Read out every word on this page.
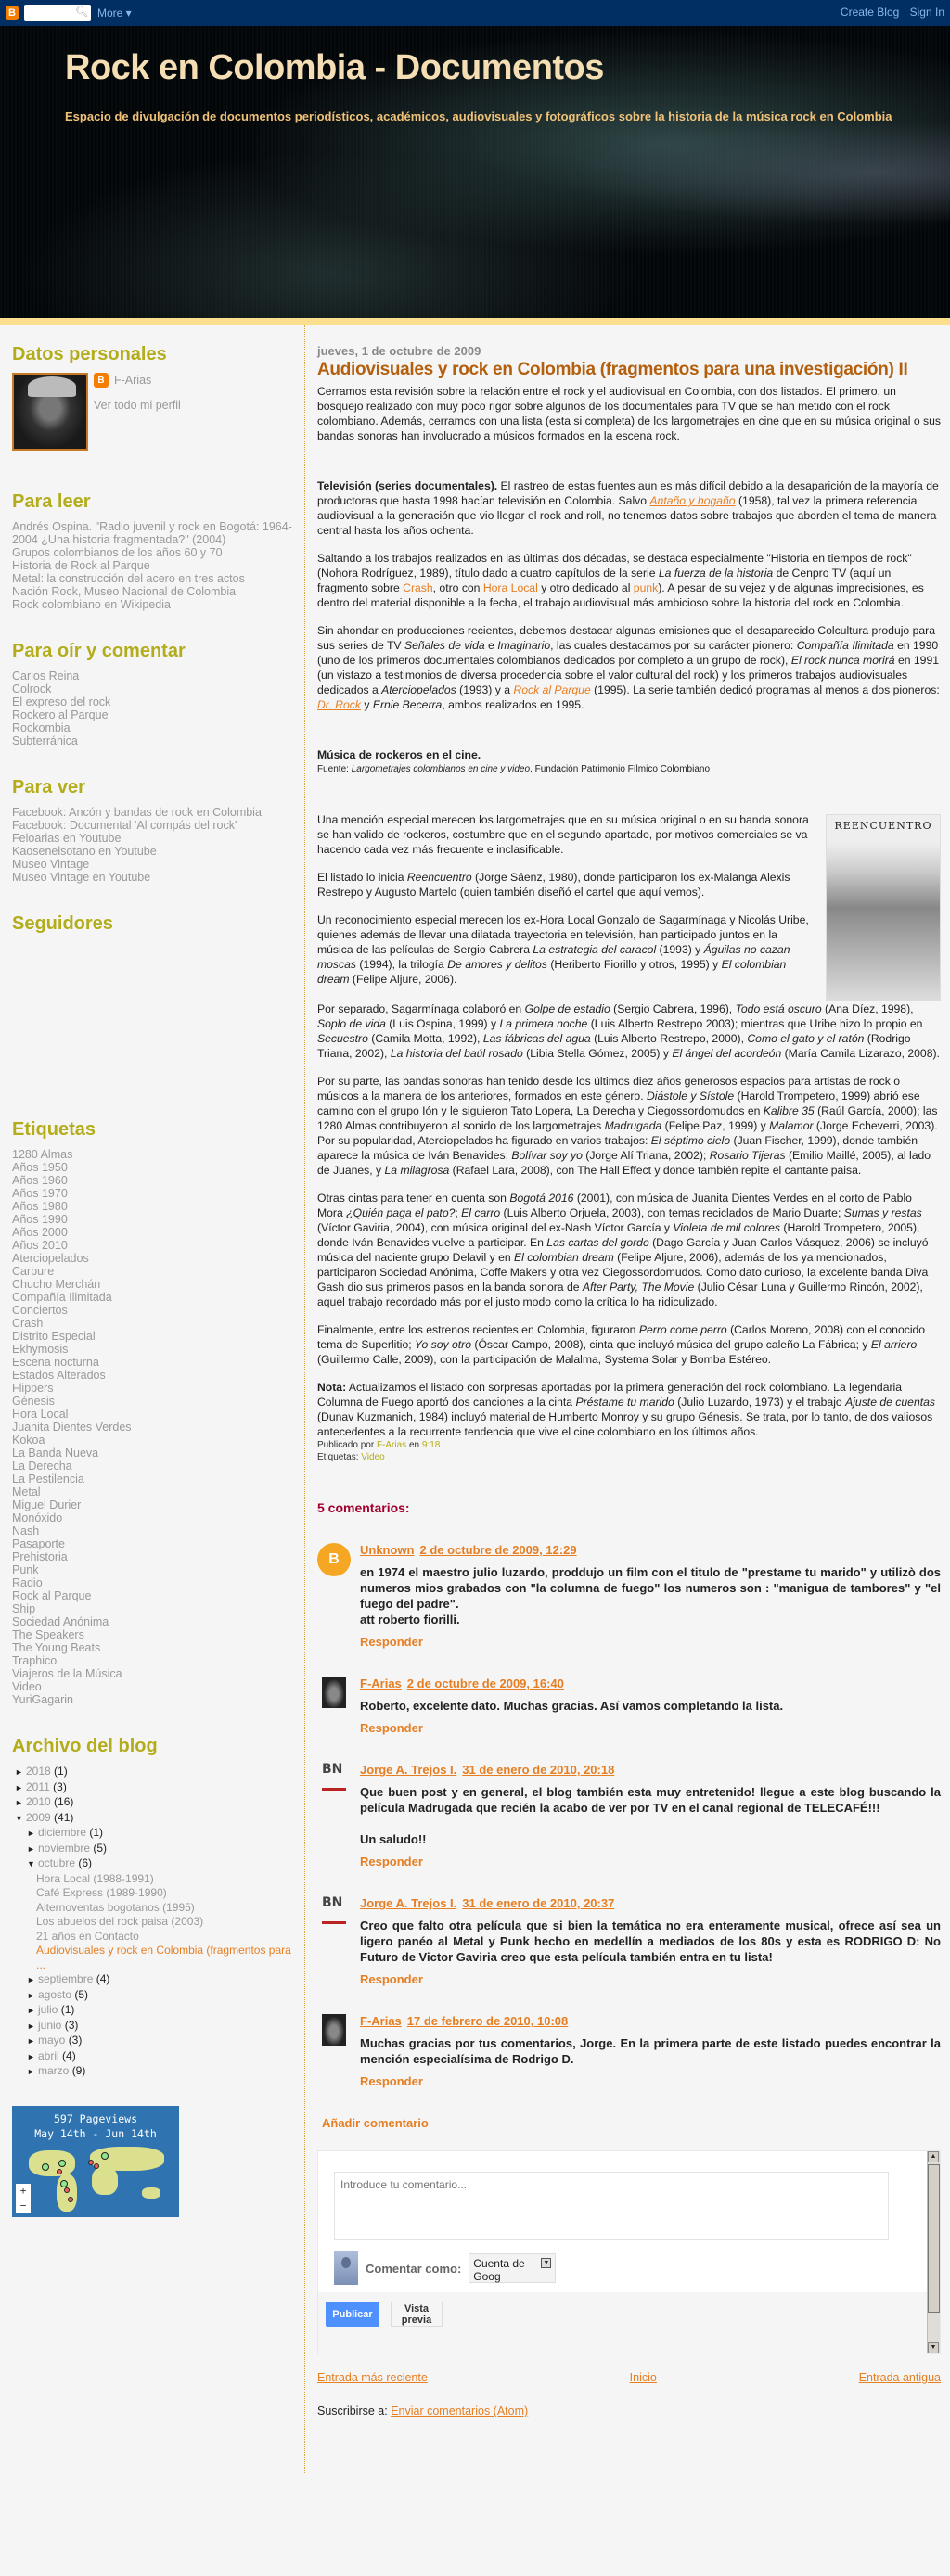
B	🔍︎ More ▾	Create Blog Sign In
Rock en Colombia - Documentos
Espacio de divulgación de documentos periodísticos, académicos, audiovisuales y fotográficos sobre la historia de la música rock en Colombia
Datos personales
B F-Arias
Ver todo mi perfil
Para leer
Andrés Ospina. "Radio juvenil y rock en Bogotá: 1964-2004 ¿Una historia fragmentada?" (2004)
Grupos colombianos de los años 60 y 70
Historia de Rock al Parque
Metal: la construcción del acero en tres actos
Nación Rock, Museo Nacional de Colombia
Rock colombiano en Wikipedia
Para oír y comentar
Carlos Reina
Colrock
El expreso del rock
Rockero al Parque
Rockombia
Subterránica
Para ver
Facebook: Ancón y bandas de rock en Colombia
Facebook: Documental 'Al compás del rock'
Feloarias en Youtube
Kaosenelsotano en Youtube
Museo Vintage
Museo Vintage en Youtube
Seguidores
Etiquetas
1280 Almas
Años 1950
Años 1960
Años 1970
Años 1980
Años 1990
Años 2000
Años 2010
Aterciopelados
Carbure
Chucho Merchán
Compañía Ilimitada
Conciertos
Crash
Distrito Especial
Ekhymosis
Escena nocturna
Estados Alterados
Flippers
Génesis
Hora Local
Juanita Dientes Verdes
Kokoa
La Banda Nueva
La Derecha
La Pestilencia
Metal
Miguel Durier
Monóxido
Nash
Pasaporte
Prehistoria
Punk
Radio
Rock al Parque
Ship
Sociedad Anónima
The Speakers
The Young Beats
Traphico
Viajeros de la Música
Video
YuriGagarin
Archivo del blog
► 2018 (1)
► 2011 (3)
► 2010 (16)
▼ 2009 (41)
► diciembre (1)
► noviembre (5)
▼ octubre (6)
Hora Local (1988-1991)
Café Express (1989-1990)
Alternoventas bogotanos (1995)
Los abuelos del rock paisa (2003)
21 años en Contacto
Audiovisuales y rock en Colombia (fragmentos para ...
► septiembre (4)
► agosto (5)
► julio (1)
► junio (3)
► mayo (3)
► abril (4)
► marzo (9)
597 Pageviews
May 14th - Jun 14th
+
−
jueves, 1 de octubre de 2009
Audiovisuales y rock en Colombia (fragmentos para una investigación) II

Cerramos esta revisión sobre la relación entre el rock y el audiovisual en Colombia, con dos listados. El primero, un bosquejo realizado con muy poco rigor sobre algunos de los documentales para TV que se han metido con el rock colombiano. Además, cerramos con una lista (esta si completa) de los largometrajes en cine que en su música original o sus bandas sonoras han involucrado a músicos formados en la escena rock.

Televisión (series documentales). El rastreo de estas fuentes aun es más difícil debido a la desaparición de la mayoría de productoras que hasta 1998 hacían televisión en Colombia. Salvo Antaño y hogaño (1958), tal vez la primera referencia audiovisual a la generación que vio llegar el rock and roll, no tenemos datos sobre trabajos que aborden el tema de manera central hasta los años ochenta.

Saltando a los trabajos realizados en las últimas dos décadas, se destaca especialmente "Historia en tiempos de rock" (Nohora Rodríguez, 1989), título dado a cuatro capítulos de la serie La fuerza de la historia de Cenpro TV (aquí un fragmento sobre Crash, otro con Hora Local y otro dedicado al punk). A pesar de su vejez y de algunas imprecisiones, es dentro del material disponible a la fecha, el trabajo audiovisual más ambicioso sobre la historia del rock en Colombia.

Sin ahondar en producciones recientes, debemos destacar algunas emisiones que el desaparecido Colcultura produjo para sus series de TV Señales de vida e Imaginario, las cuales destacamos por su carácter pionero: Compañía Ilimitada en 1990 (uno de los primeros documentales colombianos dedicados por completo a un grupo de rock), El rock nunca morirá en 1991 (un vistazo a testimonios de diversa procedencia sobre el valor cultural del rock) y los primeros trabajos audiovisuales dedicados a Aterciopelados (1993) y a Rock al Parque (1995). La serie también dedicó programas al menos a dos pioneros: Dr. Rock y Ernie Becerra, ambos realizados en 1995.

Música de rockeros en el cine.

Fuente: Largometrajes colombianos en cine y video, Fundación Patrimonio Fílmico Colombiano

Una mención especial merecen los largometrajes que en su música original o en su banda sonora se han valido de rockeros, costumbre que en el segundo apartado, por motivos comerciales se va hacendo cada vez más frecuente e inclasificable.

El listado lo inicia Reencuentro (Jorge Sáenz, 1980), donde participaron los ex-Malanga Alexis Restrepo y Augusto Martelo (quien también diseñó el cartel que aquí vemos).

Un reconocimiento especial merecen los ex-Hora Local Gonzalo de Sagarmínaga y Nicolás Uribe, quienes además de llevar una dilatada trayectoria en televisión, han participado juntos en la música de las películas de Sergio Cabrera La estrategia del caracol (1993) y Águilas no cazan moscas (1994), la trilogía De amores y delitos (Heriberto Fiorillo y otros, 1995) y El colombian dream (Felipe Aljure, 2006).

REENCUENTRO

Por separado, Sagarmínaga colaboró en Golpe de estadio (Sergio Cabrera, 1996), Todo está oscuro (Ana Díez, 1998), Soplo de vida (Luis Ospina, 1999) y La primera noche (Luis Alberto Restrepo 2003); mientras que Uribe hizo lo propio en Secuestro (Camila Motta, 1992), Las fábricas del agua (Luis Alberto Restrepo, 2000), Como el gato y el ratón (Rodrigo Triana, 2002), La historia del baúl rosado (Libia Stella Gómez, 2005) y El ángel del acordeón (María Camila Lizarazo, 2008).

Por su parte, las bandas sonoras han tenido desde los últimos diez años generosos espacios para artistas de rock o músicos a la manera de los anteriores, formados en este género. Diástole y Sístole (Harold Trompetero, 1999) abrió ese camino con el grupo Ión y le siguieron Tato Lopera, La Derecha y Ciegossordomudos en Kalibre 35 (Raúl García, 2000); las 1280 Almas contribuyeron al sonido de los largometrajes Madrugada (Felipe Paz, 1999) y Malamor (Jorge Echeverri, 2003). Por su popularidad, Aterciopelados ha figurado en varios trabajos: El séptimo cielo (Juan Fischer, 1999), donde también aparece la música de Iván Benavides; Bolívar soy yo (Jorge Alí Triana, 2002); Rosario Tijeras (Emilio Maillé, 2005), al lado de Juanes, y La milagrosa (Rafael Lara, 2008), con The Hall Effect y donde también repite el cantante paisa.

Otras cintas para tener en cuenta son Bogotá 2016 (2001), con música de Juanita Dientes Verdes en el corto de Pablo Mora ¿Quién paga el pato?; El carro (Luis Alberto Orjuela, 2003), con temas reciclados de Mario Duarte; Sumas y restas (Víctor Gaviria, 2004), con música original del ex-Nash Víctor García y Violeta de mil colores (Harold Trompetero, 2005), donde Iván Benavides vuelve a participar. En Las cartas del gordo (Dago García y Juan Carlos Vásquez, 2006) se incluyó música del naciente grupo Delavil y en El colombian dream (Felipe Aljure, 2006), además de los ya mencionados, participaron Sociedad Anónima, Coffe Makers y otra vez Ciegossordomudos. Como dato curioso, la excelente banda Diva Gash dio sus primeros pasos en la banda sonora de After Party, The Movie (Julio César Luna y Guillermo Rincón, 2002), aquel trabajo recordado más por el justo modo como la crítica lo ha ridiculizado.

Finalmente, entre los estrenos recientes en Colombia, figuraron Perro come perro (Carlos Moreno, 2008) con el conocido tema de Superlitio; Yo soy otro (Óscar Campo, 2008), cinta que incluyó música del grupo caleño La Fábrica; y El arriero (Guillermo Calle, 2009), con la participación de Malalma, Systema Solar y Bomba Estéreo.

Nota: Actualizamos el listado con sorpresas aportadas por la primera generación del rock colombiano. La legendaria Columna de Fuego aportó dos canciones a la cinta Préstame tu marido (Julio Luzardo, 1973) y el trabajo Ajuste de cuentas (Dunav Kuzmanich, 1984) incluyó material de Humberto Monroy y su grupo Génesis. Se trata, por lo tanto, de dos valiosos antecedentes a la recurrente tendencia que vive el cine colombiano en los últimos años.

Publicado por F-Arias en 9:18
Etiquetas: Video
5 comentarios:
B
Unknown 2 de octubre de 2009, 12:29
en 1974 el maestro julio luzardo, proddujo un film con el titulo de "prestame tu marido" y utilizò dos numeros mios grabados con "la columna de fuego" los numeros son : "manigua de tambores" y "el fuego del padre".
att roberto fiorilli.
Responder
F-Arias 2 de octubre de 2009, 16:40
Roberto, excelente dato. Muchas gracias. Así vamos completando la lista.
Responder
BN Jorge A. Trejos I. 31 de enero de 2010, 20:18
Que buen post y en general, el blog también esta muy entretenido! llegue a este blog buscando la película Madrugada que recién la acabo de ver por TV en el canal regional de TELECAFÉ!!!

Un saludo!!
Responder
BN Jorge A. Trejos I. 31 de enero de 2010, 20:37
Creo que falto otra película que si bien la temática no era enteramente musical, ofrece así sea un ligero panéo al Metal y Punk hecho en medellín a mediados de los 80s y esta es RODRIGO D: No Futuro de Victor Gaviria creo que esta película también entra en tu lista!
Responder
F-Arias 17 de febrero de 2010, 10:08
Muchas gracias por tus comentarios, Jorge. En la primera parte de este listado puedes encontrar la mención especialísima de Rodrigo D.
Responder
Añadir comentario
Introduce tu comentario...
Comentar como:	Cuenta de Goog
▼
Publicar	Vista previa
▲
▼
Entrada más reciente	Inicio	Entrada antigua
Suscribirse a: Enviar comentarios (Atom)
